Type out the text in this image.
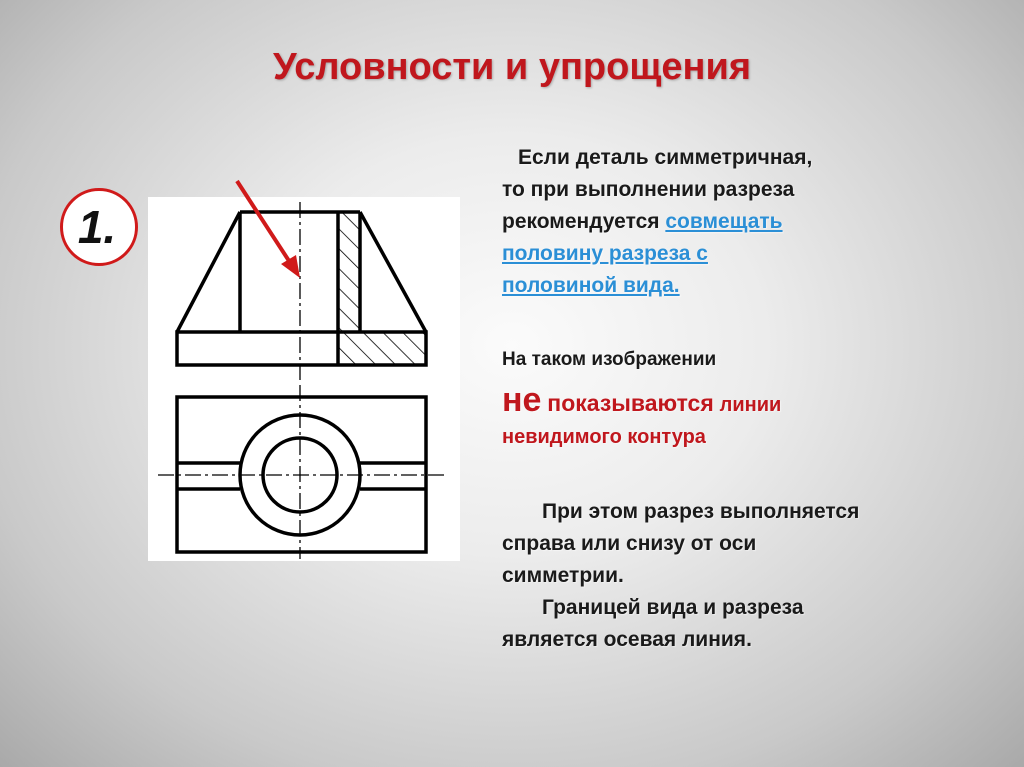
Условности и упрощения
1.
Если деталь симметричная,
то при выполнении разреза
рекомендуется совмещать
половину разреза с
половиной вида.
На таком изображении
не показываются линии
невидимого контура
При этом разрез выполняется
справа или снизу от оси
симметрии.
Границей вида и разреза
является осевая линия.
